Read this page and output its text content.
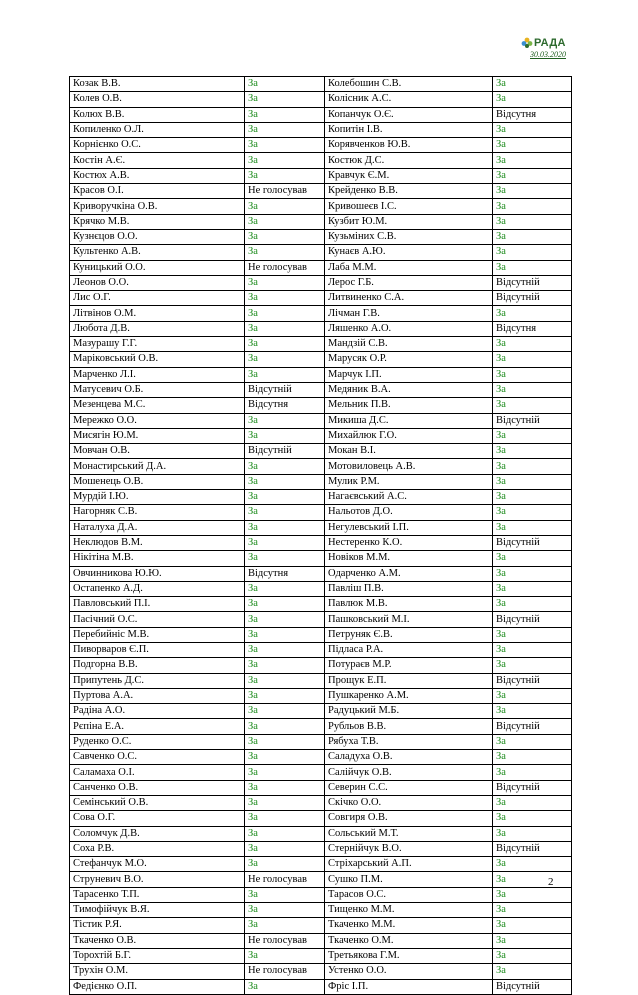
РАДА
30.03.2020
Козак В.В.	За	Колебошин С.В.	За
Колев О.В.	За	Колісник А.С.	За
Колюх В.В.	За	Копанчук О.Є.	Відсутня
Копиленко О.Л.	За	Копитін І.В.	За
Корнієнко О.С.	За	Корявченков Ю.В.	За
Костін А.Є.	За	Костюк Д.С.	За
Костюх А.В.	За	Кравчук Є.М.	За
Красов О.І.	Не голосував	Крейденко В.В.	За
Криворучкіна О.В.	За	Кривошеєв І.С.	За
Крячко М.В.	За	Кузбит Ю.М.	За
Кузнєцов О.О.	За	Кузьміних С.В.	За
Культенко А.В.	За	Кунаєв А.Ю.	За
Куницький О.О.	Не голосував	Лаба М.М.	За
Леонов О.О.	За	Лерос Г.Б.	Відсутній
Лис О.Г.	За	Литвиненко С.А.	Відсутній
Літвінов О.М.	За	Лічман Г.В.	За
Любота Д.В.	За	Ляшенко А.О.	Відсутня
Мазурашу Г.Г.	За	Мандзій С.В.	За
Маріковський О.В.	За	Марусяк О.Р.	За
Марченко Л.І.	За	Марчук І.П.	За
Матусевич О.Б.	Відсутній	Медяник В.А.	За
Мезенцева М.С.	Відсутня	Мельник П.В.	За
Мережко О.О.	За	Микиша Д.С.	Відсутній
Мисягін Ю.М.	За	Михайлюк Г.О.	За
Мовчан О.В.	Відсутній	Мокан В.І.	За
Монастирський Д.А.	За	Мотовиловець А.В.	За
Мошенець О.В.	За	Мулик Р.М.	За
Мурдій І.Ю.	За	Нагаєвський А.С.	За
Нагорняк С.В.	За	Нальотов Д.О.	За
Наталуха Д.А.	За	Негулевський І.П.	За
Неклюдов В.М.	За	Нестеренко К.О.	Відсутній
Нікітіна М.В.	За	Новіков М.М.	За
Овчинникова Ю.Ю.	Відсутня	Одарченко А.М.	За
Остапенко А.Д.	За	Павліш П.В.	За
Павловський П.І.	За	Павлюк М.В.	За
Пасічний О.С.	За	Пашковський М.І.	Відсутній
Перебийніс М.В.	За	Петруняк Є.В.	За
Пиворваров Є.П.	За	Підласа Р.А.	За
Подгорна В.В.	За	Потураєв М.Р.	За
Припутень Д.С.	За	Прощук Е.П.	Відсутній
Пуртова А.А.	За	Пушкаренко А.М.	За
Радіна А.О.	За	Радуцький М.Б.	За
Рєпіна Е.А.	За	Рубльов В.В.	Відсутній
Руденко О.С.	За	Рябуха Т.В.	За
Савченко О.С.	За	Саладуха О.В.	За
Саламаха О.І.	За	Салійчук О.В.	За
Санченко О.В.	За	Северин С.С.	Відсутній
Семінський О.В.	За	Скічко О.О.	За
Сова О.Г.	За	Совгиря О.В.	За
Соломчук Д.В.	За	Сольський М.Т.	За
Соха Р.В.	За	Стернійчук В.О.	Відсутній
Стефанчук М.О.	За	Стріхарський А.П.	За
Струневич В.О.	Не голосував	Сушко П.М.	За
Тарасенко Т.П.	За	Тарасов О.С.	За
Тимофійчук В.Я.	За	Тищенко М.М.	За
Тістик Р.Я.	За	Ткаченко М.М.	За
Ткаченко О.В.	Не голосував	Ткаченко О.М.	За
Торохтій Б.Г.	За	Третьякова Г.М.	За
Трухін О.М.	Не голосував	Устенко О.О.	За
Федієнко О.П.	За	Фріс І.П.	Відсутній
2
